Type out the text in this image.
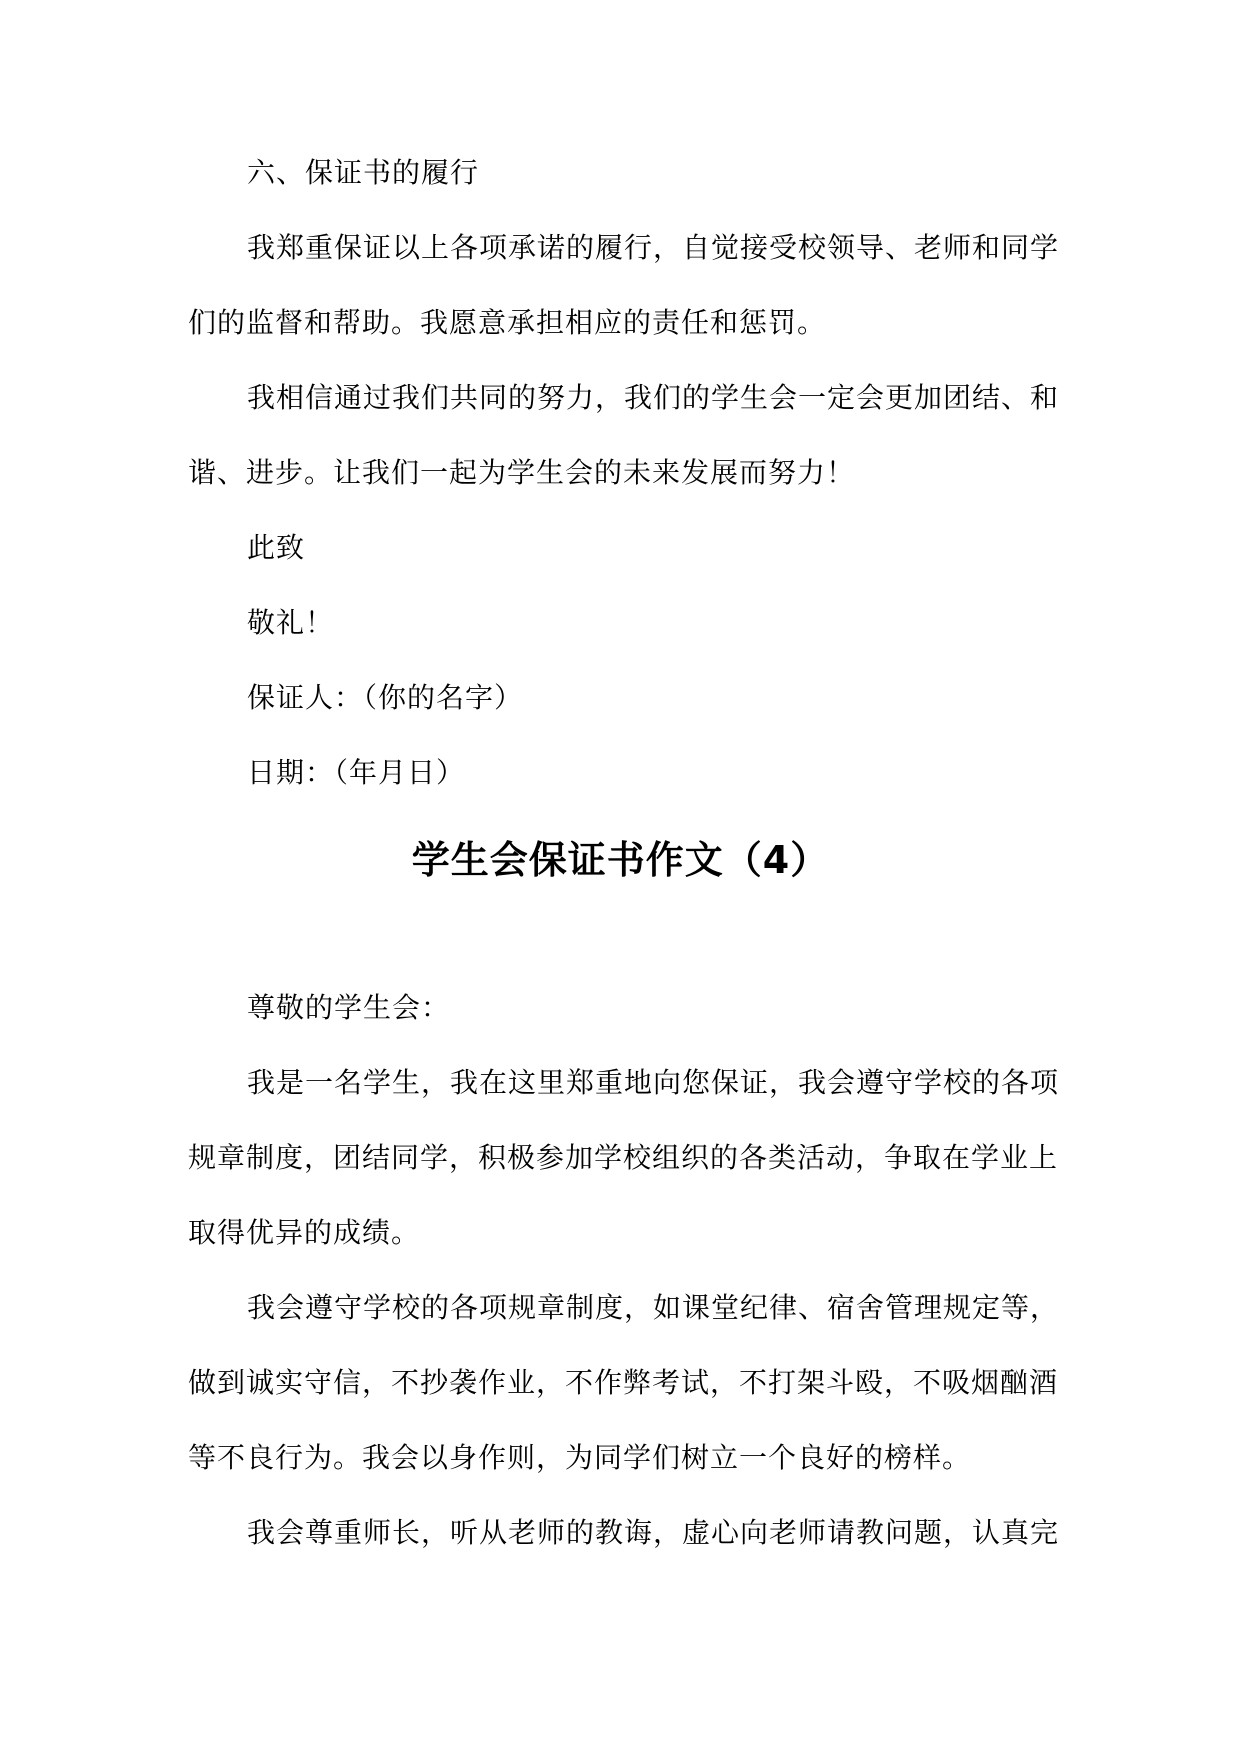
六、保证书的履行
我郑重保证以上各项承诺的履行，自觉接受校领导、老师和同学
们的监督和帮助。我愿意承担相应的责任和惩罚。
我相信通过我们共同的努力，我们的学生会一定会更加团结、和
谐、进步。让我们一起为学生会的未来发展而努力！
此致
敬礼！
保证人：（你的名字）
日期：（年月日）
学生会保证书作文（4）
尊敬的学生会：
我是一名学生，我在这里郑重地向您保证，我会遵守学校的各项
规章制度，团结同学，积极参加学校组织的各类活动，争取在学业上
取得优异的成绩。
我会遵守学校的各项规章制度，如课堂纪律、宿舍管理规定等，
做到诚实守信，不抄袭作业，不作弊考试，不打架斗殴，不吸烟酗酒
等不良行为。我会以身作则，为同学们树立一个良好的榜样。
我会尊重师长，听从老师的教诲，虚心向老师请教问题，认真完
